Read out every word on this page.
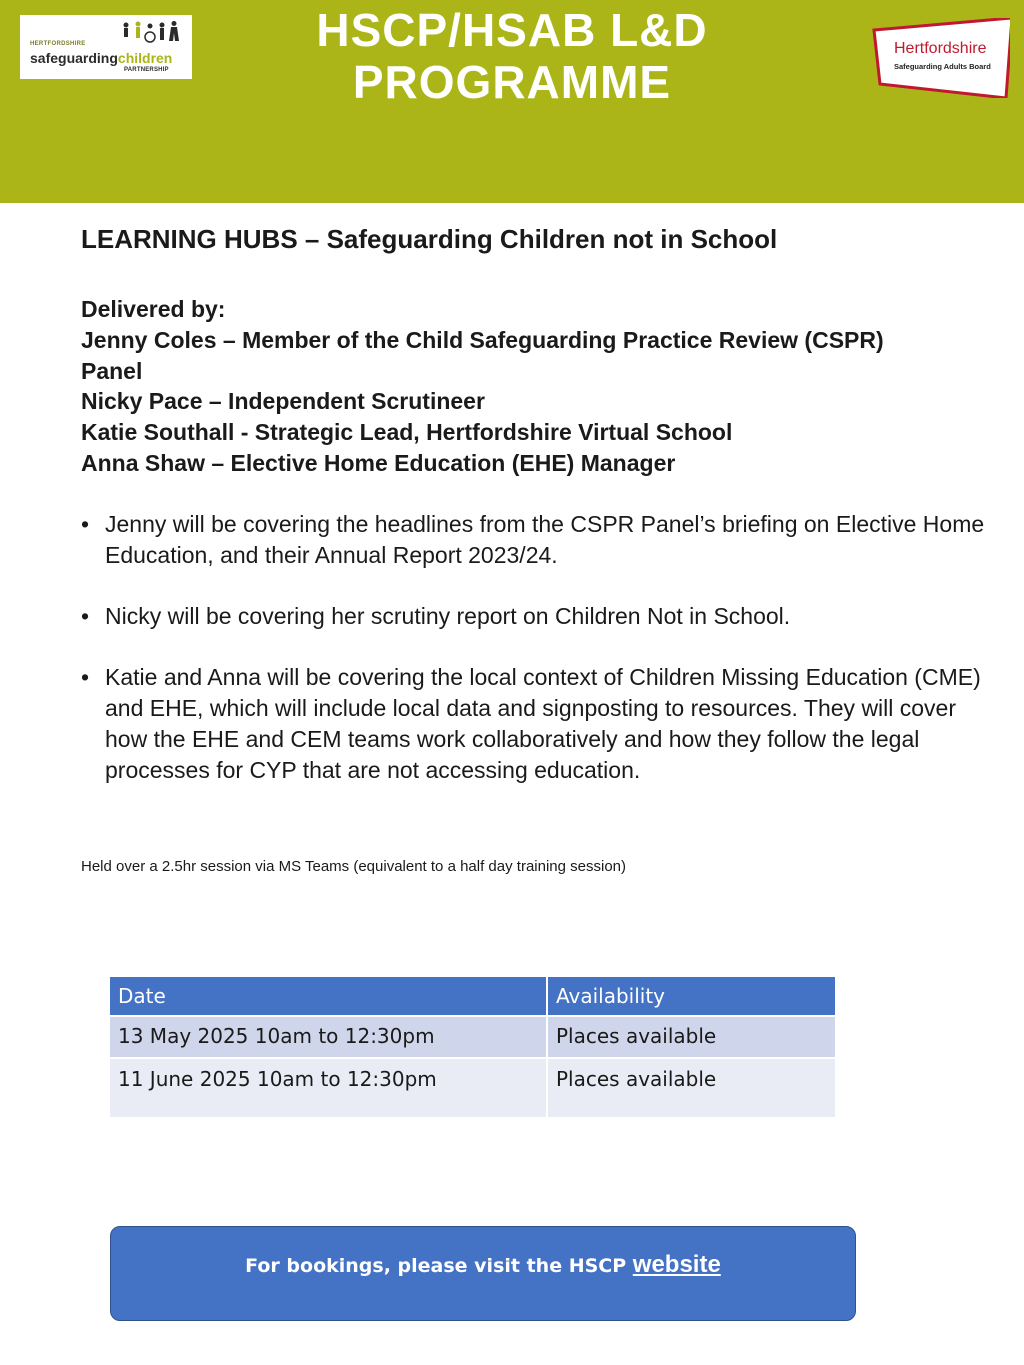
HERTFORDSHIRE
safeguardingchildren
PARTNERSHIP
HSCP/HSAB L&D
PROGRAMME
Hertfordshire
Safeguarding Adults Board
LEARNING HUBS – Safeguarding Children not in School
Delivered by:
Jenny Coles – Member of the Child Safeguarding Practice Review (CSPR)
Panel
Nicky Pace – Independent Scrutineer
Katie Southall - Strategic Lead, Hertfordshire Virtual School
Anna Shaw – Elective Home Education (EHE) Manager
• Jenny will be covering the headlines from the CSPR Panel’s briefing on Elective Home Education, and their Annual Report 2023/24.
• Nicky will be covering her scrutiny report on Children Not in School.
• Katie and Anna will be covering the local context of Children Missing Education (CME) and EHE, which will include local data and signposting to resources. They will cover how the EHE and CEM teams work collaboratively and how they follow the legal processes for CYP that are not accessing education.
Held over a 2.5hr session via MS Teams (equivalent to a half day training session)
Date	Availability
13 May 2025 10am to 12:30pm	Places available
11 June 2025 10am to 12:30pm	Places available
For bookings, please visit the HSCP website
